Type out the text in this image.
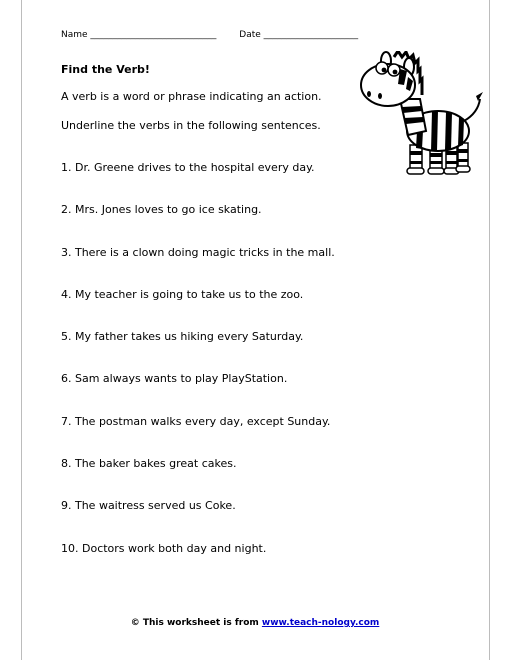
Name ____________________________	Date _____________________
Find the Verb!
A verb is a word or phrase indicating an action.
Underline the verbs in the following sentences.
1. Dr. Greene drives to the hospital every day.
2. Mrs. Jones loves to go ice skating.
3. There is a clown doing magic tricks in the mall.
4. My teacher is going to take us to the zoo.
5. My father takes us hiking every Saturday.
6. Sam always wants to play PlayStation.
7. The postman walks every day, except Sunday.
8. The baker bakes great cakes.
9. The waitress served us Coke.
10. Doctors work both day and night.
© This worksheet is from www.teach-nology.com
